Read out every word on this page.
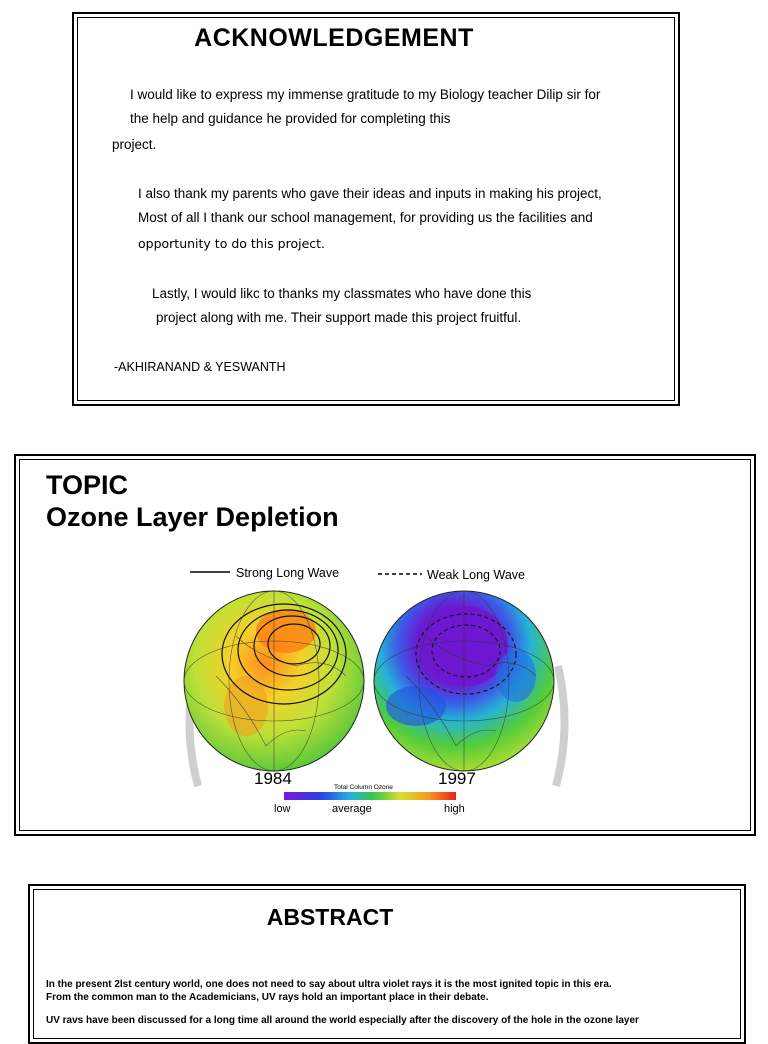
ACKNOWLEDGEMENT
I would like to express my immense gratitude to my Biology teacher Dilip sir for
the help and guidance he provided for completing this
project.
I also thank my parents who gave their ideas and inputs in making his project,
Most of all I thank our school management, for providing us the facilities and
opportunity to do this project.
Lastly, I would likc to thanks my classmates who have done this
project along with me. Their support made this project fruitful.
-AKHIRANAND & YESWANTH
TOPIC
Ozone Layer Depletion
Strong Long Wave	Weak Long Wave
1984	1997
Total Column Ozone
low	average	high
ABSTRACT
In the present 2lst century world, one does not need to say about ultra violet rays it is the most ignited topic in this era.
From the common man to the Academicians, UV rays hold an important place in their debate.
UV ravs have been discussed for a long time all around the world especially after the discovery of the hole in the ozone layer
